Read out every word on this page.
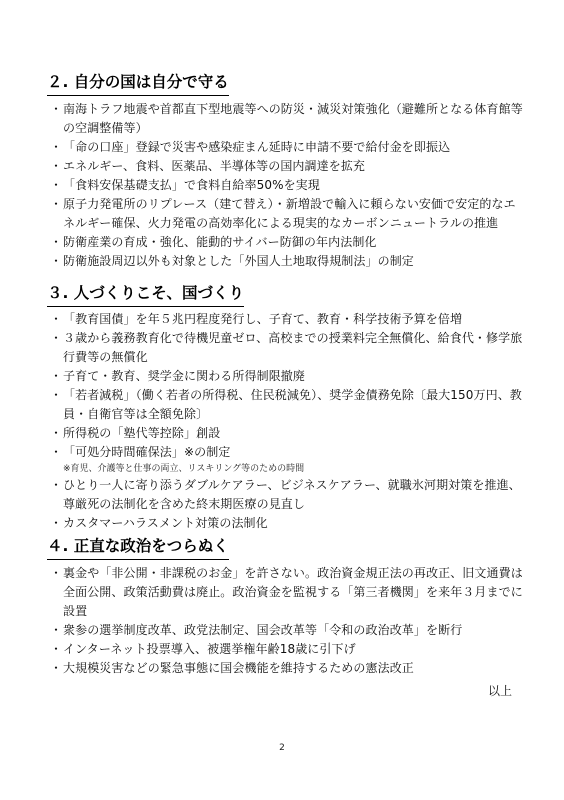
２. 自分の国は自分で守る
・ 南海トラフ地震や首都直下型地震等への防災・減災対策強化（避難所となる体育館等の空調整備等）
・ 「命の口座」登録で災害や感染症まん延時に申請不要で給付金を即振込
・ エネルギー、食料、医薬品、半導体等の国内調達を拡充
・ 「食料安保基礎支払」で食料自給率50%を実現
・ 原子力発電所のリプレース（建て替え）・新増設で輸入に頼らない安価で安定的なエネルギー確保、火力発電の高効率化による現実的なカーボンニュートラルの推進
・ 防衛産業の育成・強化、能動的サイバー防御の年内法制化
・ 防衛施設周辺以外も対象とした「外国人土地取得規制法」の制定
３. 人づくりこそ、国づくり
・ 「教育国債」を年５兆円程度発行し、子育て、教育・科学技術予算を倍増
・ ３歳から義務教育化で待機児童ゼロ、高校までの授業料完全無償化、給食代・修学旅行費等の無償化
・ 子育て・教育、奨学金に関わる所得制限撤廃
・ 「若者減税」（働く若者の所得税、住民税減免）、奨学金債務免除〔最大150万円、教員・自衛官等は全額免除〕
・ 所得税の「塾代等控除」創設
・ 「可処分時間確保法」※の制定
※育児、介護等と仕事の両立、リスキリング等のための時間
・ ひとり一人に寄り添うダブルケアラー、ビジネスケアラー、就職氷河期対策を推進、尊厳死の法制化を含めた終末期医療の見直し
・ カスタマーハラスメント対策の法制化
４. 正直な政治をつらぬく
・ 裏金や「非公開・非課税のお金」を許さない。政治資金規正法の再改正、旧文通費は全面公開、政策活動費は廃止。政治資金を監視する「第三者機関」を来年３月までに設置
・ 衆参の選挙制度改革、政党法制定、国会改革等「令和の政治改革」を断行
・ インターネット投票導入、被選挙権年齢18歳に引下げ
・ 大規模災害などの緊急事態に国会機能を維持するための憲法改正
以上
2
